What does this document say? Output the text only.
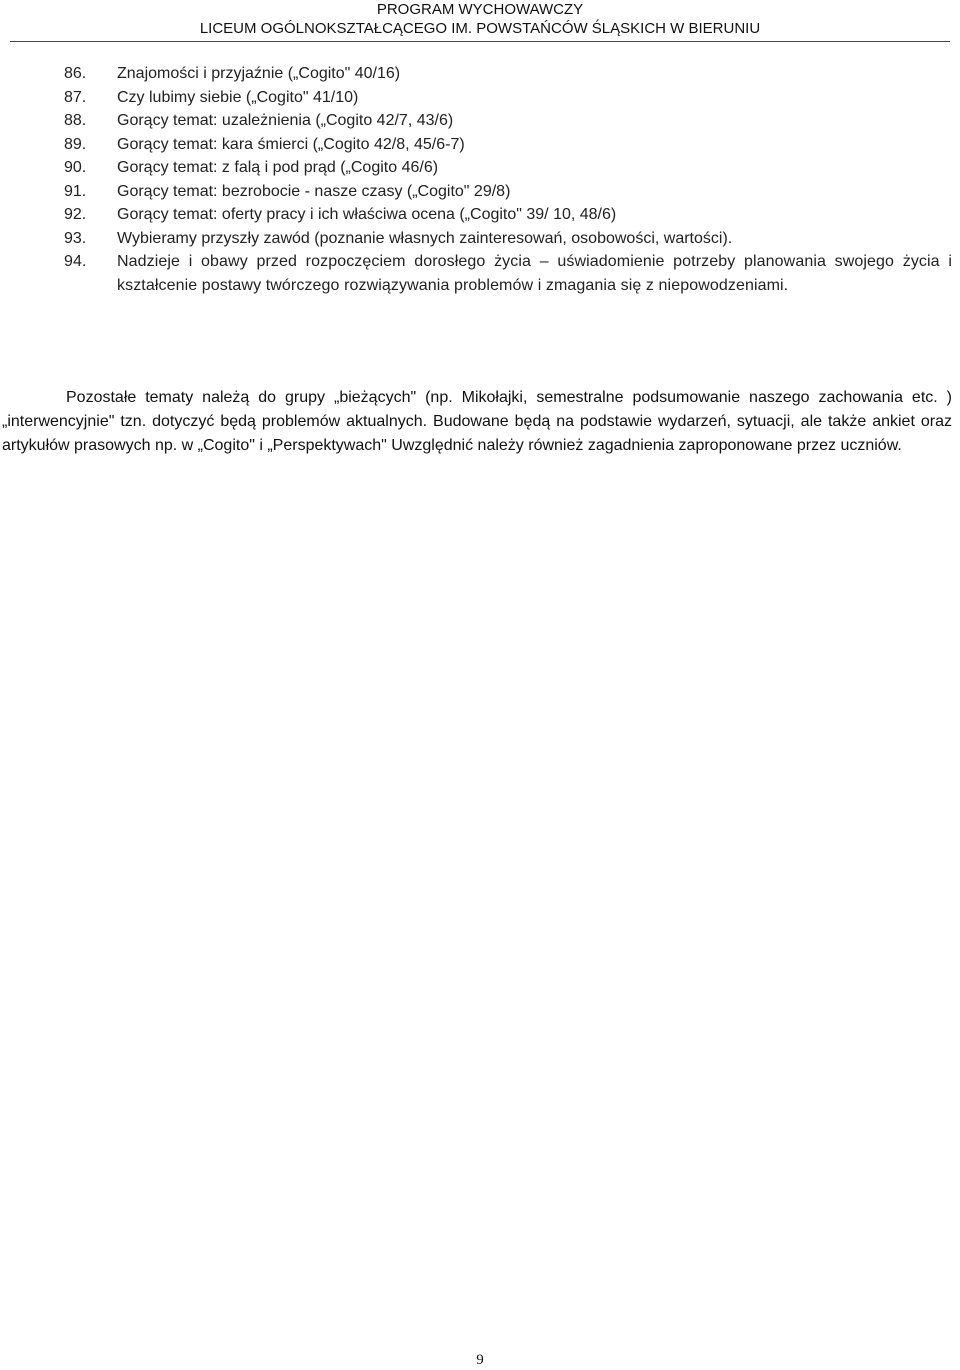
PROGRAM WYCHOWAWCZY
LICEUM OGÓLNOKSZTAŁCĄCEGO IM. POWSTAŃCÓW ŚLĄSKICH W BIERUNIU
86.	Znajomości i przyjaźnie („Cogito" 40/16)
87.	Czy lubimy siebie („Cogito" 41/10)
88.	Gorący temat: uzależnienia („Cogito 42/7, 43/6)
89.	Gorący temat: kara śmierci („Cogito 42/8, 45/6-7)
90.	Gorący temat: z falą i pod prąd („Cogito 46/6)
91.	Gorący temat: bezrobocie - nasze czasy („Cogito" 29/8)
92.	Gorący temat: oferty pracy i ich właściwa ocena („Cogito" 39/ 10, 48/6)
93.	Wybieramy przyszły zawód (poznanie własnych zainteresowań, osobowości, wartości).
94.	Nadzieje i obawy przed rozpoczęciem dorosłego życia – uświadomienie potrzeby planowania swojego życia i kształcenie postawy twórczego rozwiązywania problemów i zmagania się z niepowodzeniami.

Pozostałe tematy należą do grupy „bieżących" (np. Mikołajki, semestralne podsumowanie naszego zachowania etc. ) „interwencyjnie" tzn. dotyczyć będą problemów aktualnych. Budowane będą na podstawie wydarzeń, sytuacji, ale także ankiet oraz artykułów prasowych np. w „Cogito" i „Perspektywach" Uwzględnić należy również zagadnienia zaproponowane przez uczniów.

9
